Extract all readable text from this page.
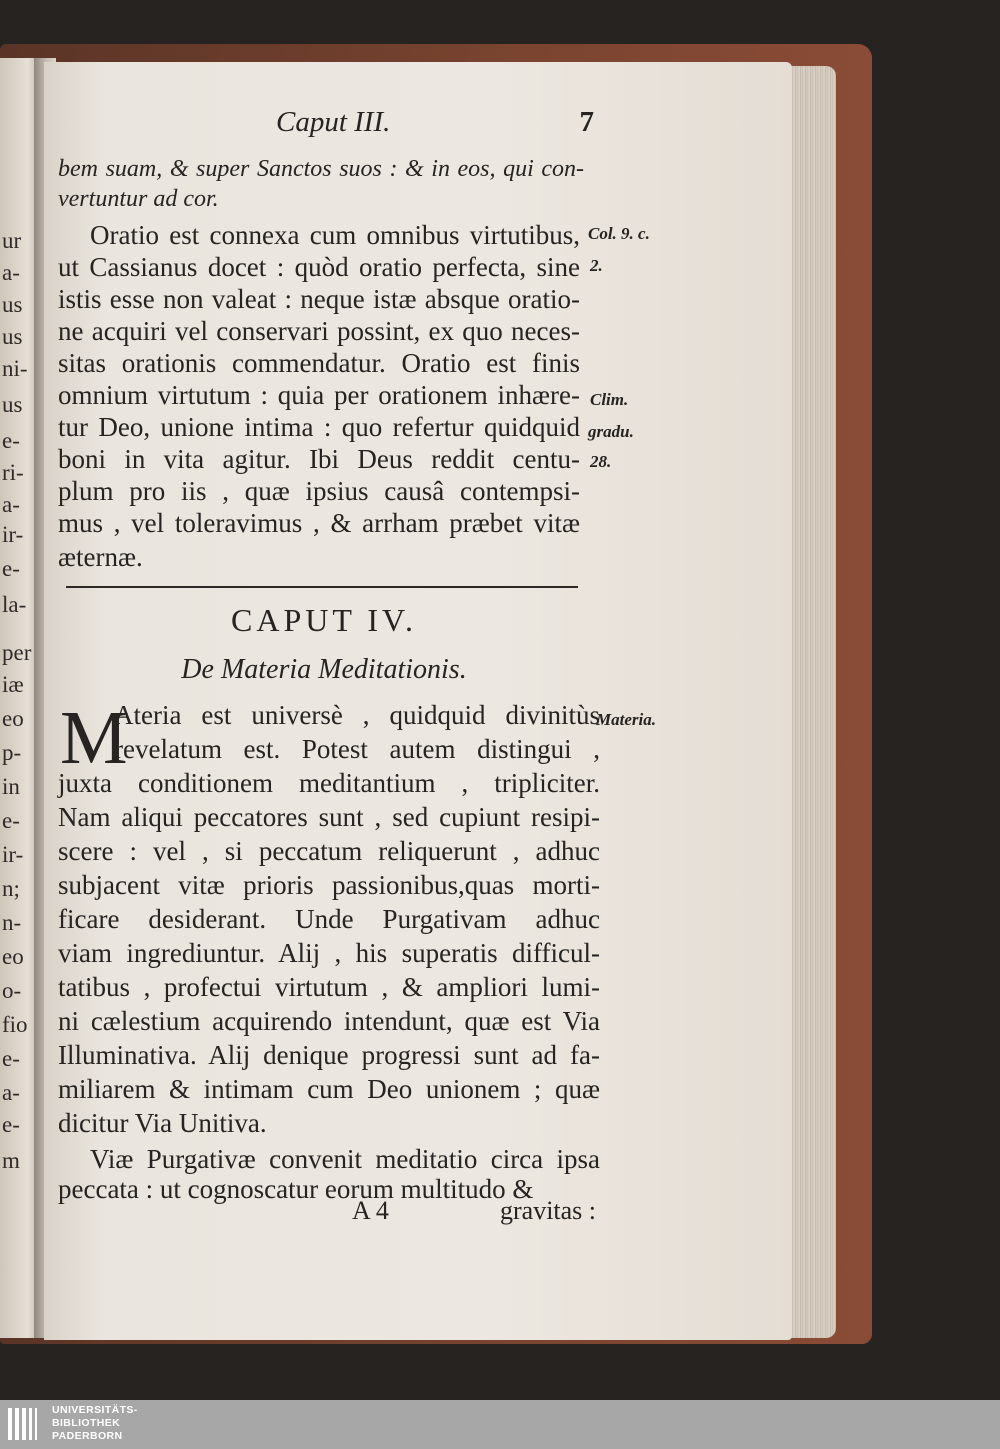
ur
a-
us
us
ni-
us
e-
ri-
a-
ir-
e-
la-
per
iæ
eo
p-
in
e-
ir-
n;
n-
eo
o-
fio
e-
a-
e-
m
Caput III.	7
bem suam, & super Sanctos suos : & in eos, qui con-
vertuntur ad cor.
Oratio est connexa cum omnibus virtutibus,
ut Cassianus docet : quòd oratio perfecta, sine
istis esse non valeat : neque istæ absque oratio-
ne acquiri vel conservari possint, ex quo neces-
sitas orationis commendatur. Oratio est finis
omnium virtutum : quia per orationem inhære-
tur Deo, unione intima : quo refertur quidquid
boni in vita agitur. Ibi Deus reddit centu-
plum pro iis , quæ ipsius causâ contempsi-
mus , vel toleravimus , & arrham præbet vitæ
æternæ.
Col. 9. c.
2.
Clim.
gradu.
28.
CAPUT IV.
De Materia Meditationis.
M
Ateria est universè , quidquid divinitùs
revelatum est. Potest autem distingui ,
juxta conditionem meditantium , tripliciter.
Nam aliqui peccatores sunt , sed cupiunt resipi-
scere : vel , si peccatum reliquerunt , adhuc
subjacent vitæ prioris passionibus,quas morti-
ficare desiderant. Unde Purgativam adhuc
viam ingrediuntur. Alij , his superatis difficul-
tatibus , profectui virtutum , & ampliori lumi-
ni cælestium acquirendo intendunt, quæ est Via
Illuminativa. Alij denique progressi sunt ad fa-
miliarem & intimam cum Deo unionem ; quæ
dicitur Via Unitiva.
Viæ Purgativæ convenit meditatio circa ipsa
peccata : ut cognoscatur eorum multitudo &
Materia.
A 4	gravitas :
UNIVERSITÄTS-
BIBLIOTHEK
PADERBORN
